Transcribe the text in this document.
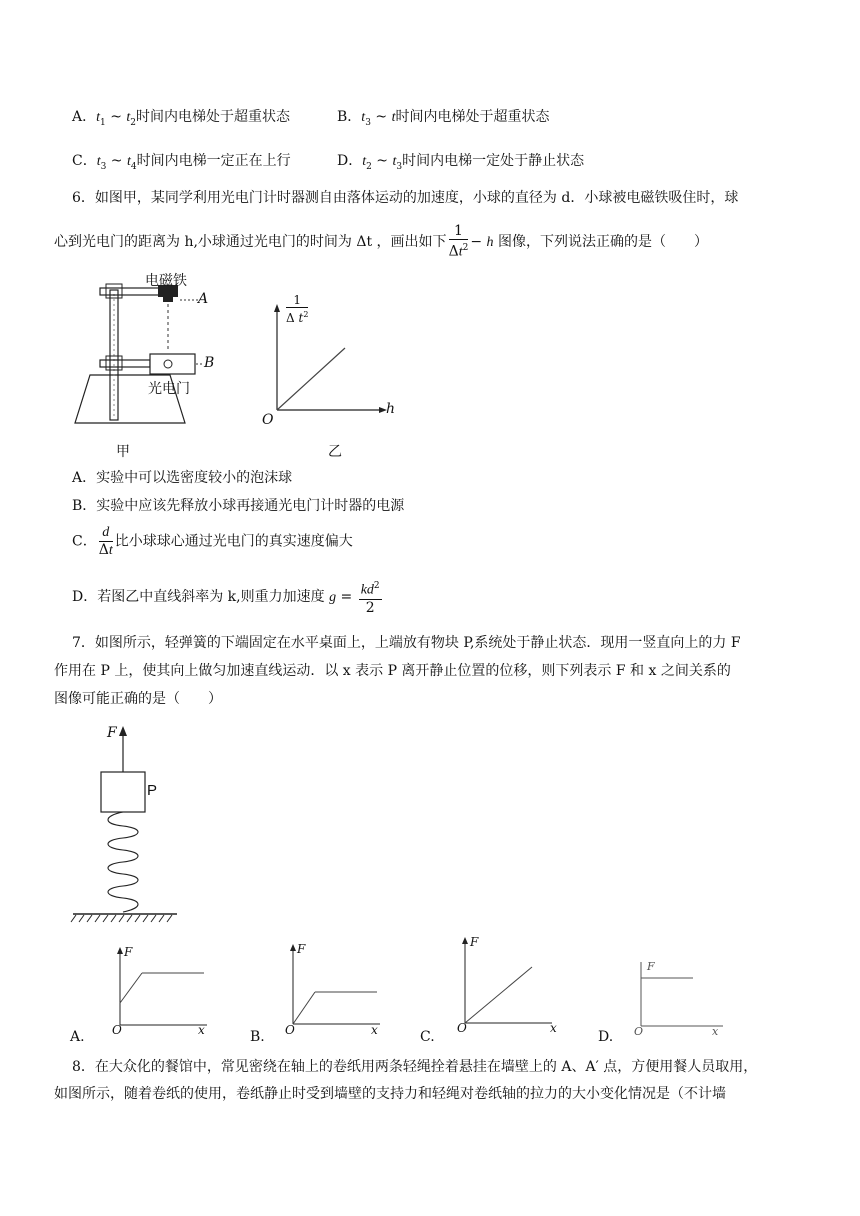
A．$t_1$ ~ $t_2$时间内电梯处于超重状态	B．$t_3$ ~ t时间内电梯处于超重状态
C．$t_3$ ~ $t_4$时间内电梯一定正在上行	D．$t_2$ ~ $t_3$时间内电梯一定处于静止状态
6．如图甲，某同学利用光电门计时器测自由落体运动的加速度，小球的直径为 d．小球被电磁铁吸住时，球
心到光电门的距离为 h,小球通过光电门的时间为 Δt ，画出如下 $\frac{1}{\Delta t^2} - h$ 图像，下列说法正确的是（　　）
电磁铁
A
B
光电门
甲
1
Δ $t^2$
h
O
乙
A．实验中可以选密度较小的泡沫球
B．实验中应该先释放小球再接通光电门计时器的电源
C． $\frac{d}{\Delta t}$ 比小球球心通过光电门的真实速度偏大
D．若图乙中直线斜率为 k,则重力加速度 $g = \frac{kd^2}{2}$
7．如图所示，轻弹簧的下端固定在水平桌面上，上端放有物块 P,系统处于静止状态．现用一竖直向上的力 F
作用在 P 上，使其向上做匀加速直线运动．以 x 表示 P 离开静止位置的位移，则下列表示 F 和 x 之间关系的
图像可能正确的是（　　）
F
P
A.
F
O	x	B.
F
O	x	C.
F
O	x
D.
F
O	x
8．在大众化的餐馆中，常见密绕在轴上的卷纸用两条轻绳拴着悬挂在墙壁上的 A、A′ 点，方便用餐人员取用，
如图所示，随着卷纸的使用，卷纸静止时受到墙壁的支持力和轻绳对卷纸轴的拉力的大小变化情况是（不计墙
